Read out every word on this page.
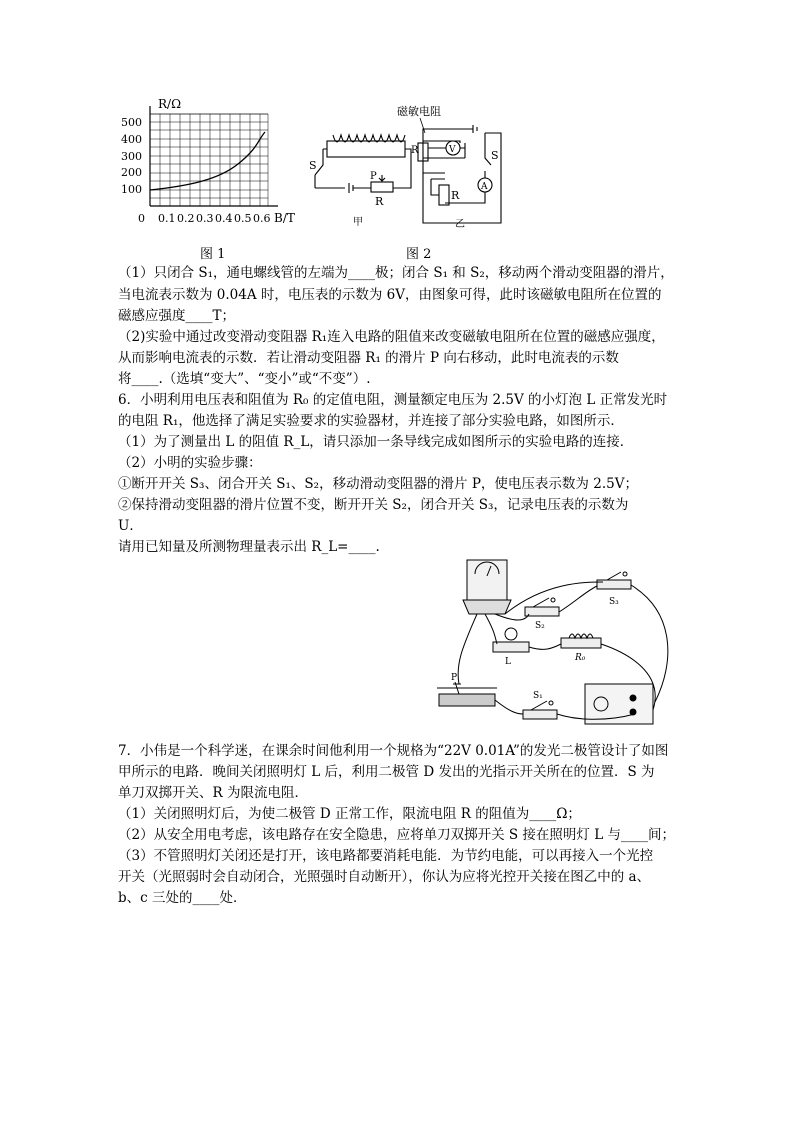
R/Ω
500
400
300
200
100
0 0.1 0.2 0.3 0.4 0.5 0.6 B/T
图 1
磁敏电阻
S
P
R
甲
R	V	S
A
R
乙
图 2
（1）只闭合 S₁，通电螺线管的左端为____极；闭合 S₁ 和 S₂，移动两个滑动变阻器的滑片，
当电流表示数为 0.04A 时，电压表的示数为 6V，由图象可得，此时该磁敏电阻所在位置的
磁感应强度____T；
（2)实验中通过改变滑动变阻器 R₁连入电路的阻值来改变磁敏电阻所在位置的磁感应强度，
从而影响电流表的示数．若让滑动变阻器 R₁ 的滑片 P 向右移动，此时电流表的示数
将____.（选填“变大”、“变小”或“不变”）.
6．小明利用电压表和阻值为 R₀ 的定值电阻，测量额定电压为 2.5V 的小灯泡 L 正常发光时
的电阻 R₁，他选择了满足实验要求的实验器材，并连接了部分实验电路，如图所示．
（1）为了测量出 L 的阻值 R_L，请只添加一条导线完成如图所示的实验电路的连接．
（2）小明的实验步骤：
①断开开关 S₃、闭合开关 S₁、S₂，移动滑动变阻器的滑片 P，使电压表示数为 2.5V；
②保持滑动变阻器的滑片位置不变，断开开关 S₂，闭合开关 S₃，记录电压表的示数为
U．
请用已知量及所测物理量表示出 R_L=____.
S₃
S₂
L	R₀
P
S₁
7．小伟是一个科学迷，在课余时间他利用一个规格为“22V 0.01A”的发光二极管设计了如图
甲所示的电路．晚间关闭照明灯 L 后，利用二极管 D 发出的光指示开关所在的位置．S 为
单刀双掷开关、R 为限流电阻．
（1）关闭照明灯后，为使二极管 D 正常工作，限流电阻 R 的阻值为____Ω；
（2）从安全用电考虑，该电路存在安全隐患，应将单刀双掷开关 S 接在照明灯 L 与____间；
（3）不管照明灯关闭还是打开，该电路都要消耗电能．为节约电能，可以再接入一个光控
开关（光照弱时会自动闭合，光照强时自动断开），你认为应将光控开关接在图乙中的 a、
b、c 三处的____处．
